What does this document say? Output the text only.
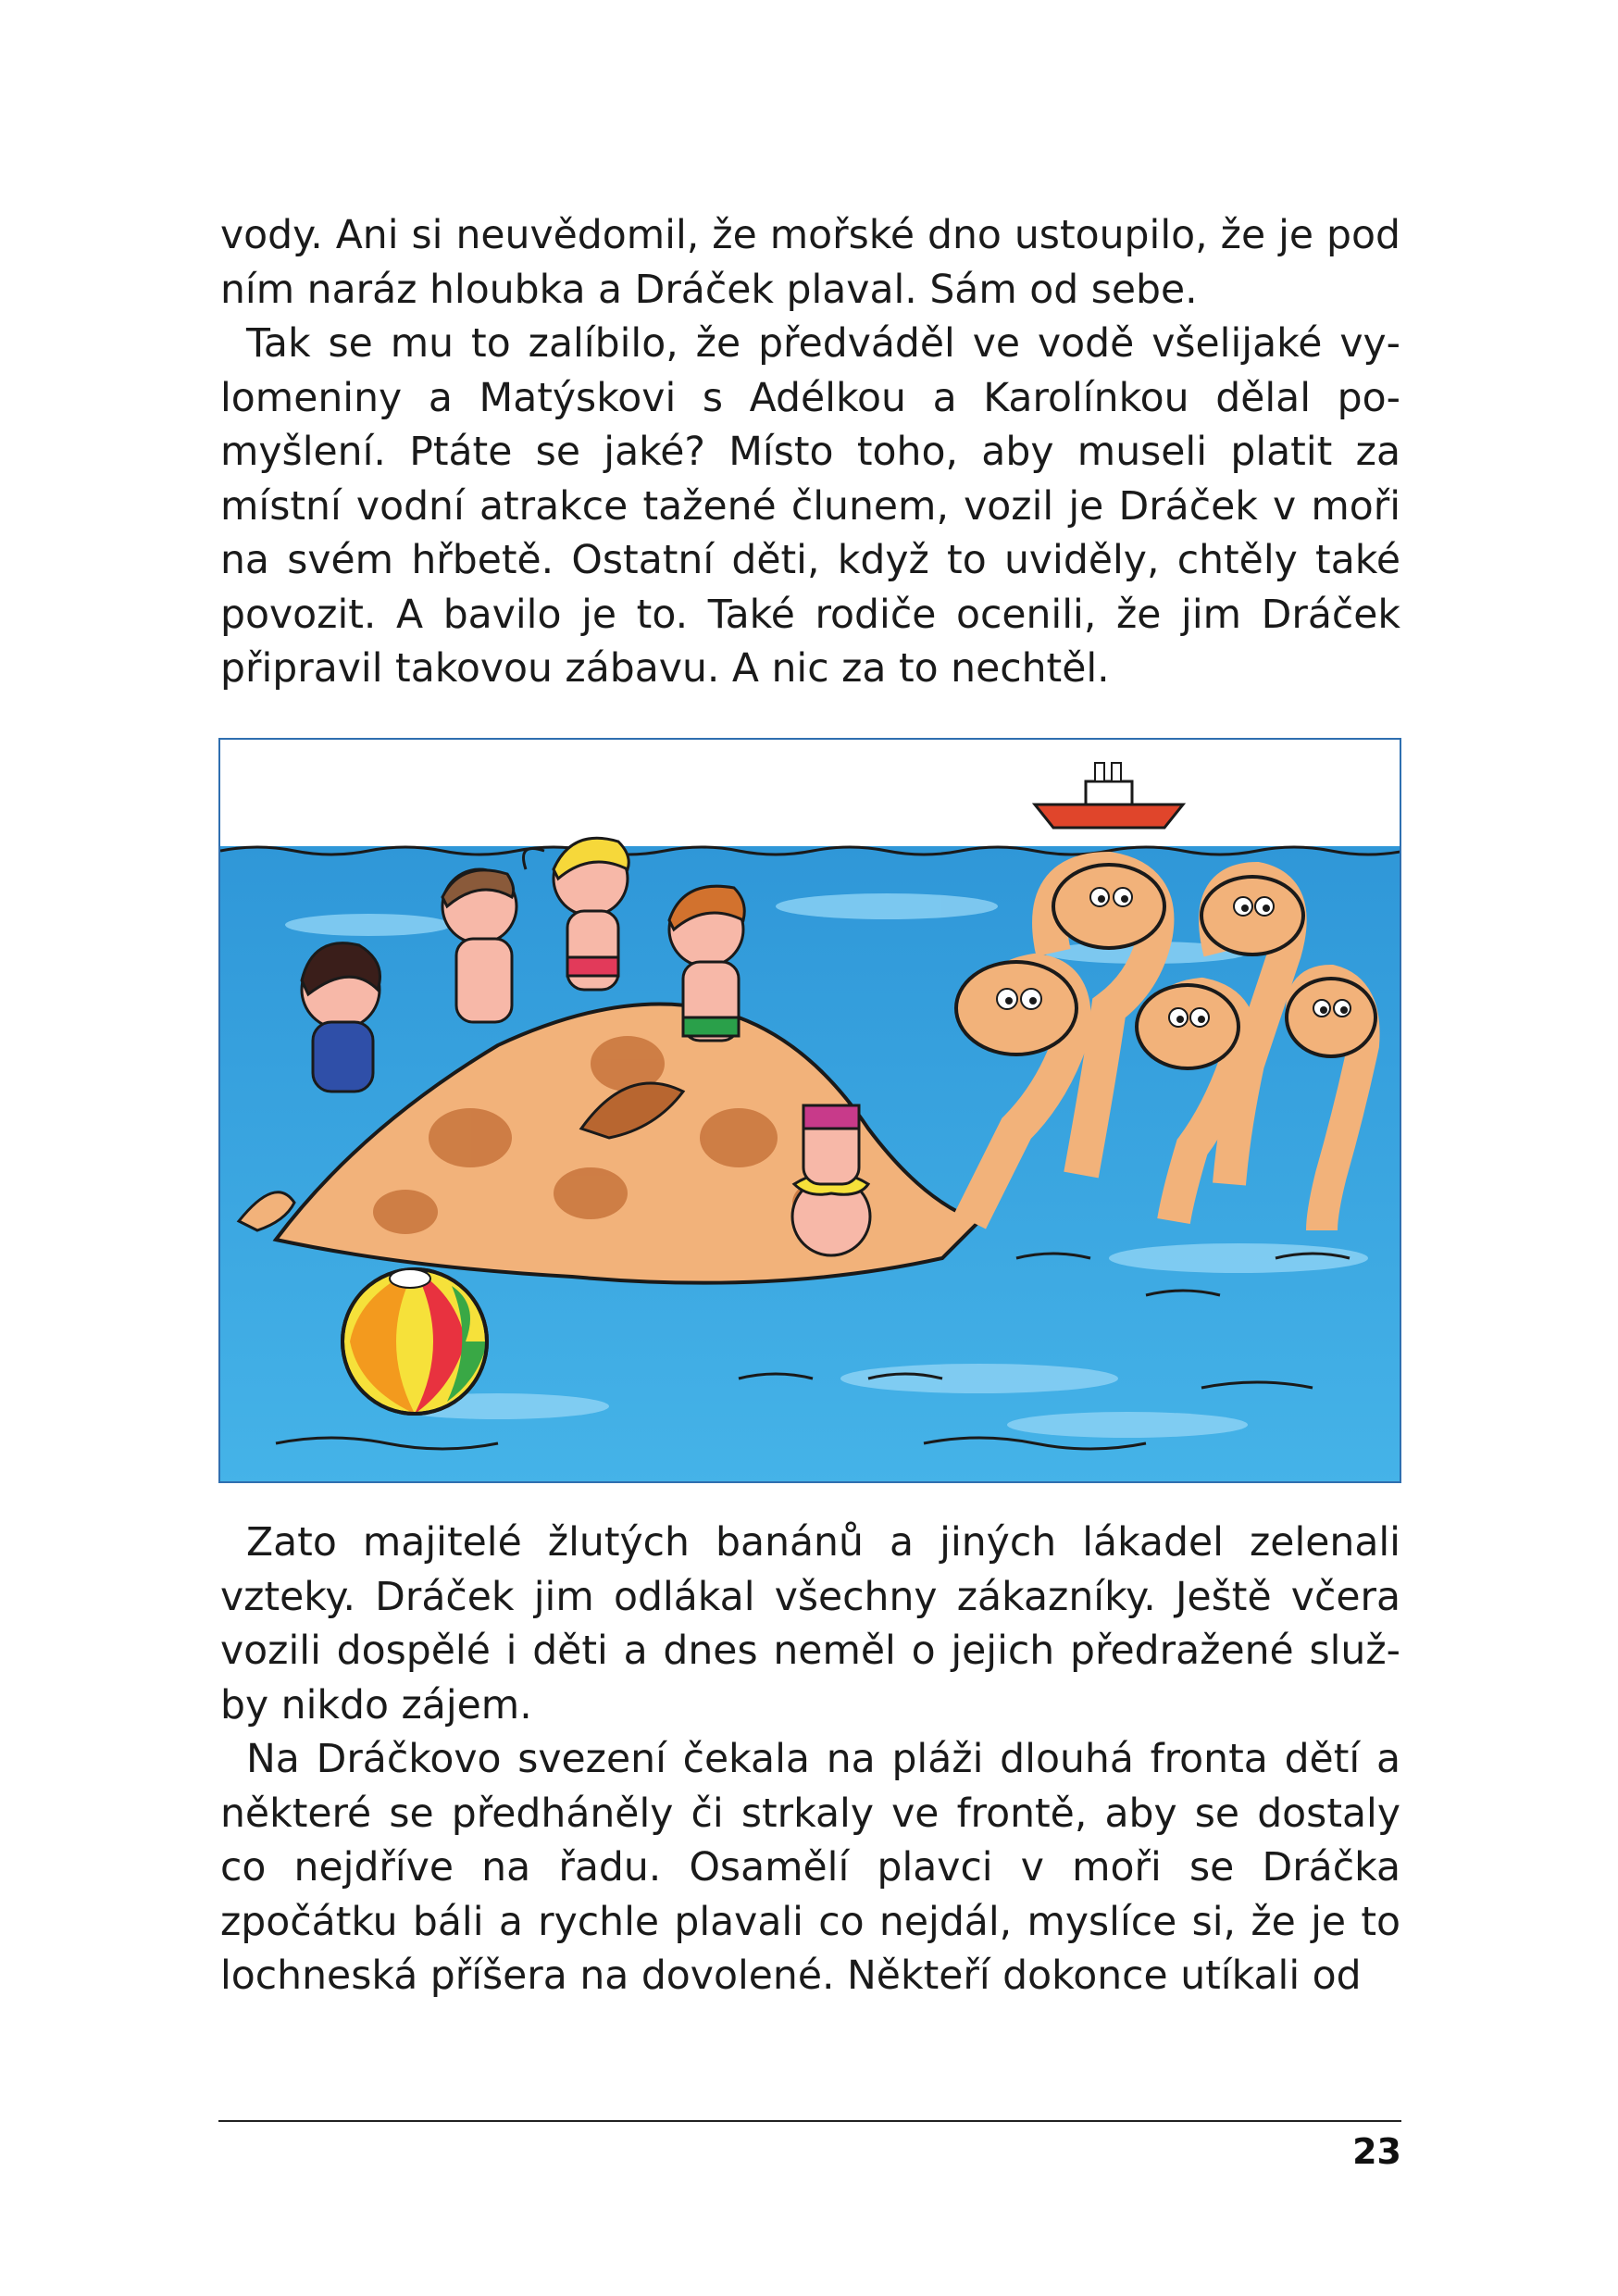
vody. Ani si neuvědomil, že mořské dno ustoupilo, že je pod ním naráz hloubka a Dráček plaval. Sám od sebe.

Tak se mu to zalíbilo, že předváděl ve vodě všelijaké vylomeniny a Matýskovi s Adélkou a Karolínkou dělal pomyšlení. Ptáte se jaké? Místo toho, aby museli platit za místní vodní atrakce tažené člunem, vozil je Dráček v moři na svém hřbetě. Ostatní děti, když to uviděly, chtěly také povozit. A bavilo je to. Také rodiče ocenili, že jim Dráček připravil takovou zábavu. A nic za to nechtěl.

Zato majitelé žlutých banánů a jiných lákadel zelenali vzteky. Dráček jim odlákal všechny zákazníky. Ještě včera vozili dospělé i děti a dnes neměl o jejich předražené služby nikdo zájem.

Na Dráčkovo svezení čekala na pláži dlouhá fronta dětí a některé se předháněly či strkaly ve frontě, aby se dostaly co nejdříve na řadu. Osamělí plavci v moři se Dráčka zpočátku báli a rychle plavali co nejdál, myslíce si, že je to lochneská příšera na dovolené. Někteří dokonce utíkali od

23
